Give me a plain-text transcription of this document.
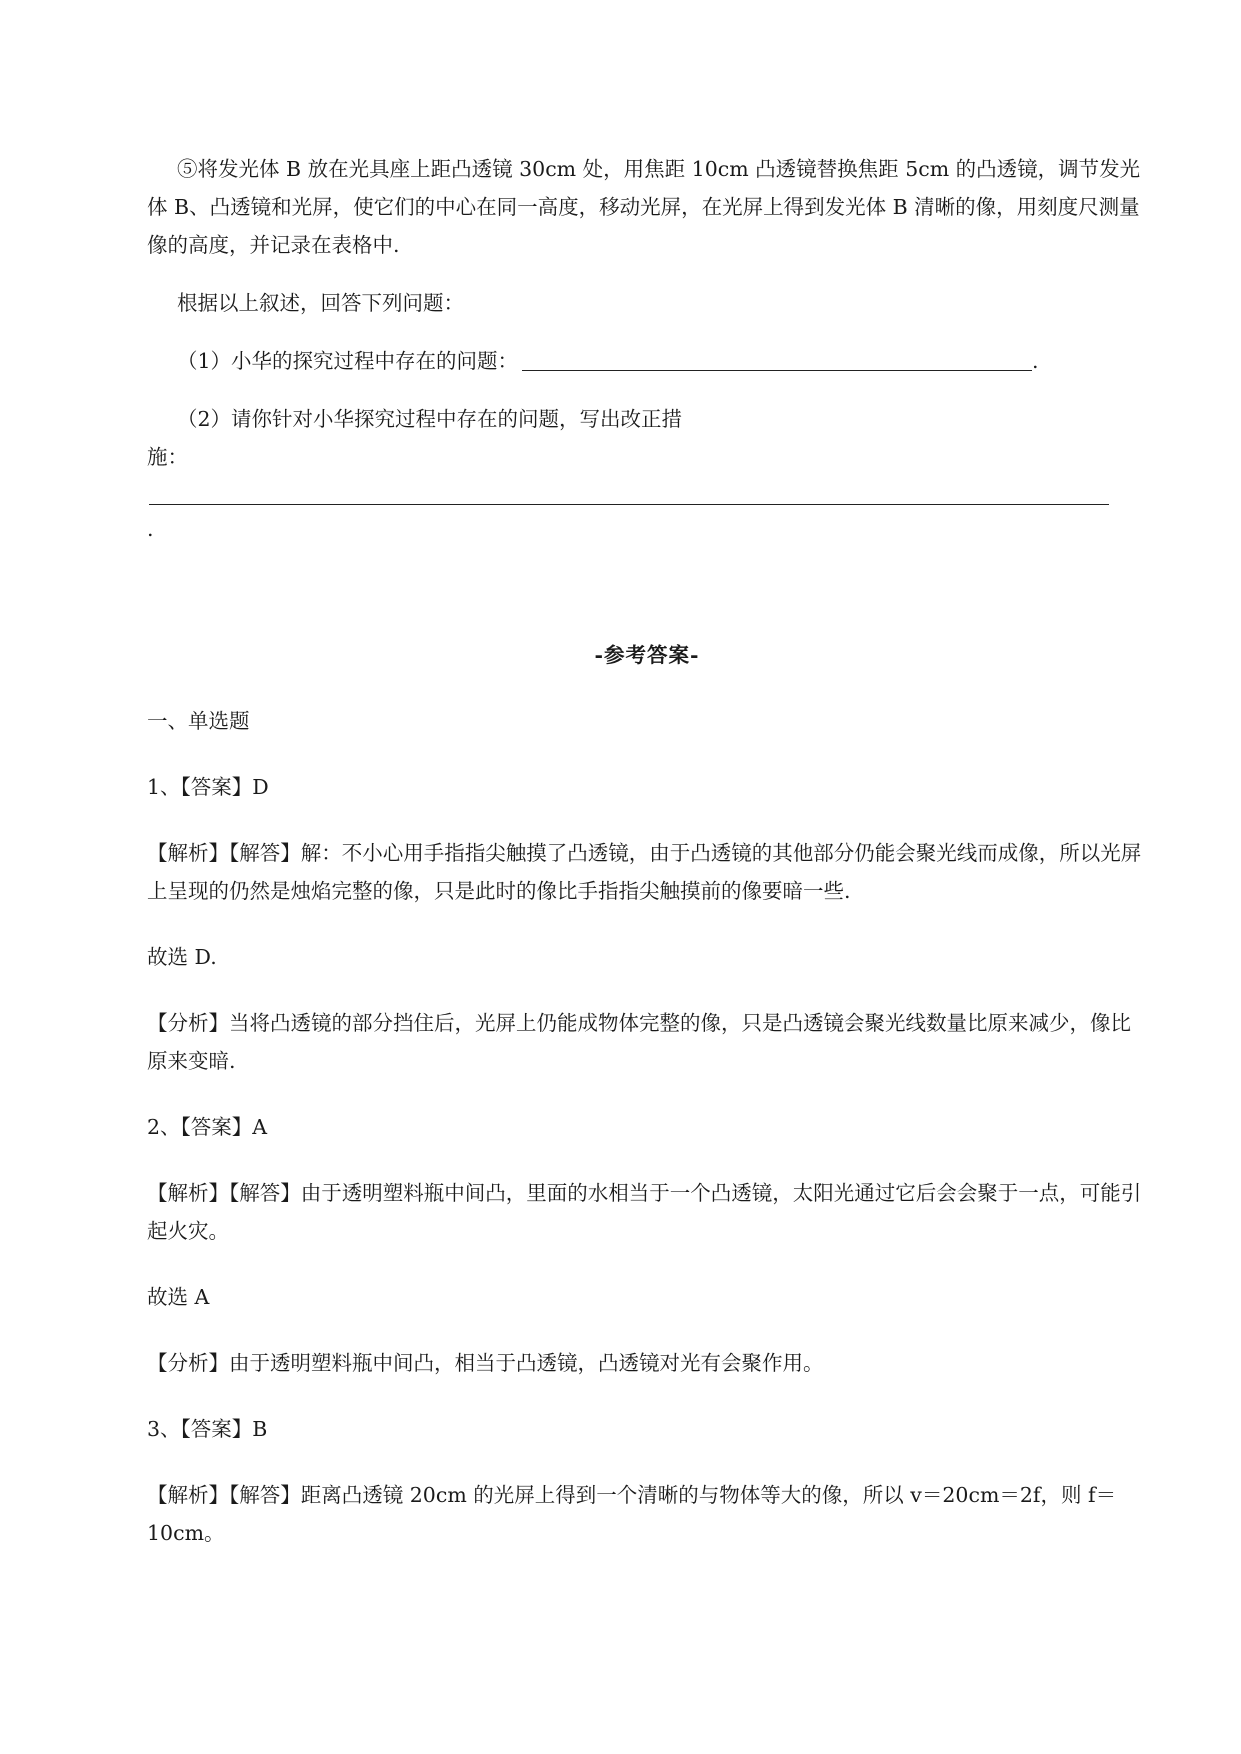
⑤将发光体 B 放在光具座上距凸透镜 30cm 处，用焦距 10cm 凸透镜替换焦距 5cm 的凸透镜，调节发光体 B、凸透镜和光屏，使它们的中心在同一高度，移动光屏，在光屏上得到发光体 B 清晰的像，用刻度尺测量像的高度，并记录在表格中.

根据以上叙述，回答下列问题：

（1）小华的探究过程中存在的问题：	.

（2）请你针对小华探究过程中存在的问题，写出改正措

施：

.

-参考答案-

一、单选题

1、【答案】D

【解析】【解答】解：不小心用手指指尖触摸了凸透镜，由于凸透镜的其他部分仍能会聚光线而成像，所以光屏上呈现的仍然是烛焰完整的像，只是此时的像比手指指尖触摸前的像要暗一些.

故选 D.

【分析】当将凸透镜的部分挡住后，光屏上仍能成物体完整的像，只是凸透镜会聚光线数量比原来减少，像比原来变暗.

2、【答案】A

【解析】【解答】由于透明塑料瓶中间凸，里面的水相当于一个凸透镜，太阳光通过它后会会聚于一点，可能引起火灾。

故选 A

【分析】由于透明塑料瓶中间凸，相当于凸透镜，凸透镜对光有会聚作用。

3、【答案】B

【解析】【解答】距离凸透镜 20cm 的光屏上得到一个清晰的与物体等大的像，所以 v＝20cm＝2f，则 f＝10cm。
